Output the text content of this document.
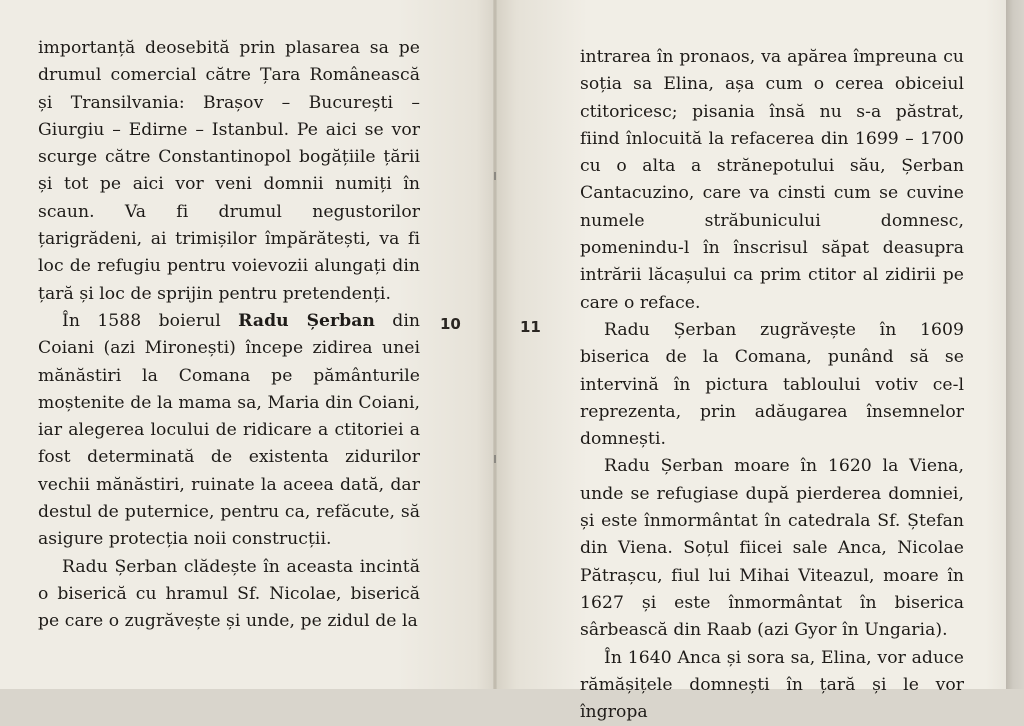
importanță deosebită prin plasarea sa pe drumul comercial către Țara Românească și Transilvania: Brașov – București – Giurgiu – Edirne – Istanbul. Pe aici se vor scurge către Constantinopol bogățiile țării și tot pe aici vor veni domnii numiți în scaun. Va fi drumul negustorilor țarigrădeni, ai trimișilor împărătești, va fi loc de refugiu pentru voievozii alungați din țară și loc de sprijin pentru pretendenți.

În 1588 boierul Radu Șerban din Coiani (azi Mironești) începe zidirea unei mănăstiri la Comana pe pământurile moștenite de la mama sa, Maria din Coiani, iar alegerea locului de ridicare a ctitoriei a fost determinată de existenta zidurilor vechii mănăstiri, ruinate la aceea dată, dar destul de puternice, pentru ca, refăcute, să asigure protecția noii construcții.

Radu Șerban clădește în aceasta incintă o biserică cu hramul Sf. Nicolae, biserică pe care o zugrăvește și unde, pe zidul de la

10	11

intrarea în pronaos, va apărea împreuna cu soția sa Elina, așa cum o cerea obiceiul ctitoricesc; pisania însă nu s-a păstrat, fiind înlocuită la refacerea din 1699 – 1700 cu o alta a strănepotului său, Șerban Cantacuzino, care va cinsti cum se cuvine numele străbunicului domnesc, pomenindu-l în înscrisul săpat deasupra intrării lăcașului ca prim ctitor al zidirii pe care o reface.

Radu Șerban zugrăvește în 1609 biserica de la Comana, punând să se intervină în pictura tabloului votiv ce-l reprezenta, prin adăugarea însemnelor domnești.

Radu Șerban moare în 1620 la Viena, unde se refugiase după pierderea domniei, și este înmormântat în catedrala Sf. Ștefan din Viena. Soțul fiicei sale Anca, Nicolae Pătrașcu, fiul lui Mihai Viteazul, moare în 1627 și este înmormântat în biserica sârbească din Raab (azi Gyor în Ungaria).

În 1640 Anca și sora sa, Elina, vor aduce rămășițele domnești în țară și le vor îngropa
